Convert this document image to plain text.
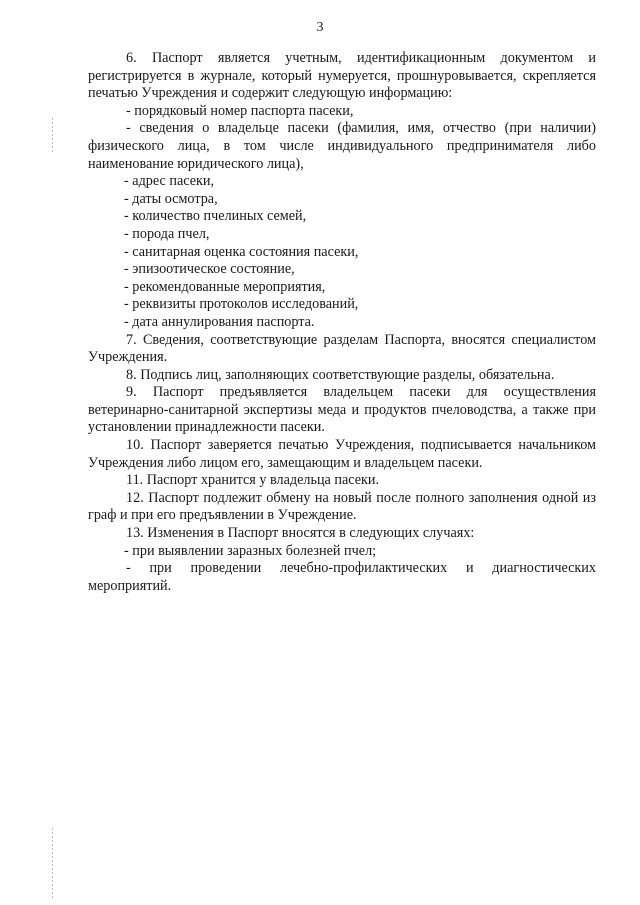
3

6. Паспорт является учетным, идентификационным документом и регистрируется в журнале, который нумеруется, прошнуровывается, скрепляется печатью Учреждения и содержит следующую информацию:

- порядковый номер паспорта пасеки,

- сведения о владельце пасеки (фамилия, имя, отчество (при наличии) физического лица, в том числе индивидуального предпринимателя либо наименование юридического лица),

- адрес пасеки,

- даты осмотра,

- количество пчелиных семей,

- порода пчел,

- санитарная оценка состояния пасеки,

- эпизоотическое состояние,

- рекомендованные мероприятия,

- реквизиты протоколов исследований,

- дата аннулирования паспорта.

7. Сведения, соответствующие разделам Паспорта, вносятся специалистом Учреждения.

8. Подпись лиц, заполняющих соответствующие разделы, обязательна.

9. Паспорт предъявляется владельцем пасеки для осуществления ветеринарно-санитарной экспертизы меда и продуктов пчеловодства, а также при установлении принадлежности пасеки.

10. Паспорт заверяется печатью Учреждения, подписывается начальником Учреждения либо лицом его, замещающим и владельцем пасеки.

11. Паспорт хранится у владельца пасеки.

12. Паспорт подлежит обмену на новый после полного заполнения одной из граф и при его предъявлении в Учреждение.

13. Изменения в Паспорт вносятся в следующих случаях:

- при выявлении заразных болезней пчел;

- при проведении лечебно-профилактических и диагностических мероприятий.
